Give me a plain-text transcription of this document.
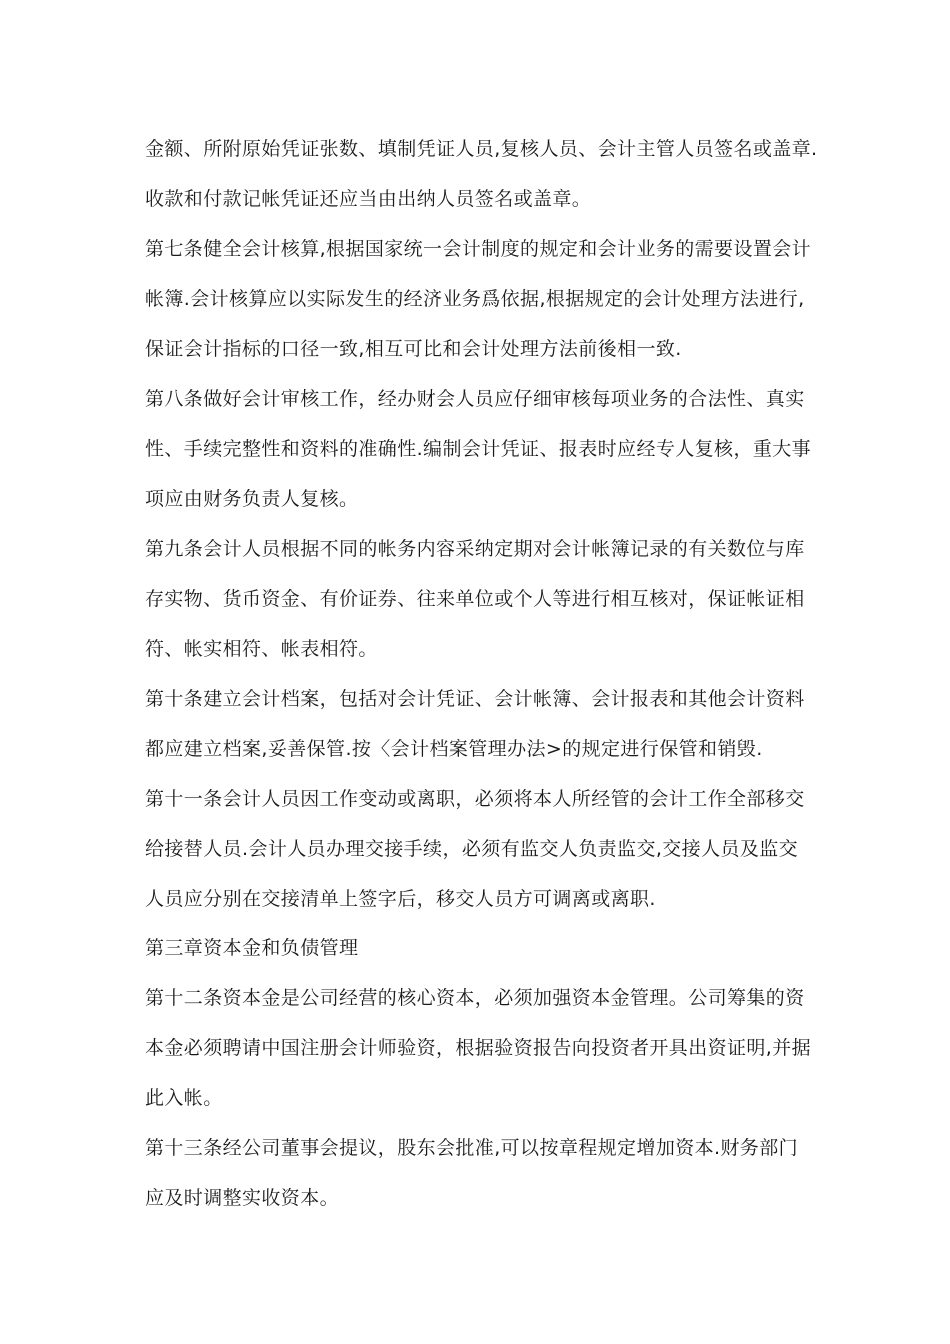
金额、所附原始凭证张数、填制凭证人员,复核人员、会计主管人员签名或盖章.
收款和付款记帐凭证还应当由出纳人员签名或盖章。
第七条健全会计核算,根据国家统一会计制度的规定和会计业务的需要设置会计
帐簿.会计核算应以实际发生的经济业务爲依据,根据规定的会计处理方法进行,
保证会计指标的口径一致,相互可比和会计处理方法前後相一致.
第八条做好会计审核工作，经办财会人员应仔细审核每项业务的合法性、真实
性、手续完整性和资料的准确性.编制会计凭证、报表时应经专人复核，重大事
项应由财务负责人复核。
第九条会计人员根据不同的帐务内容采纳定期对会计帐簿记录的有关数位与库
存实物、货币资金、有价证券、往来单位或个人等进行相互核对，保证帐证相
符、帐实相符、帐表相符。
第十条建立会计档案，包括对会计凭证、会计帐簿、会计报表和其他会计资料
都应建立档案,妥善保管.按〈会计档案管理办法>的规定进行保管和销毁.
第十一条会计人员因工作变动或离职，必须将本人所经管的会计工作全部移交
给接替人员.会计人员办理交接手续，必须有监交人负责监交,交接人员及监交
人员应分别在交接清单上签字后，移交人员方可调离或离职.
第三章资本金和负债管理
第十二条资本金是公司经营的核心资本，必须加强资本金管理。公司筹集的资
本金必须聘请中国注册会计师验资，根据验资报告向投资者开具出资证明,并据
此入帐。
第十三条经公司董事会提议，股东会批准,可以按章程规定增加资本.财务部门
应及时调整实收资本。
